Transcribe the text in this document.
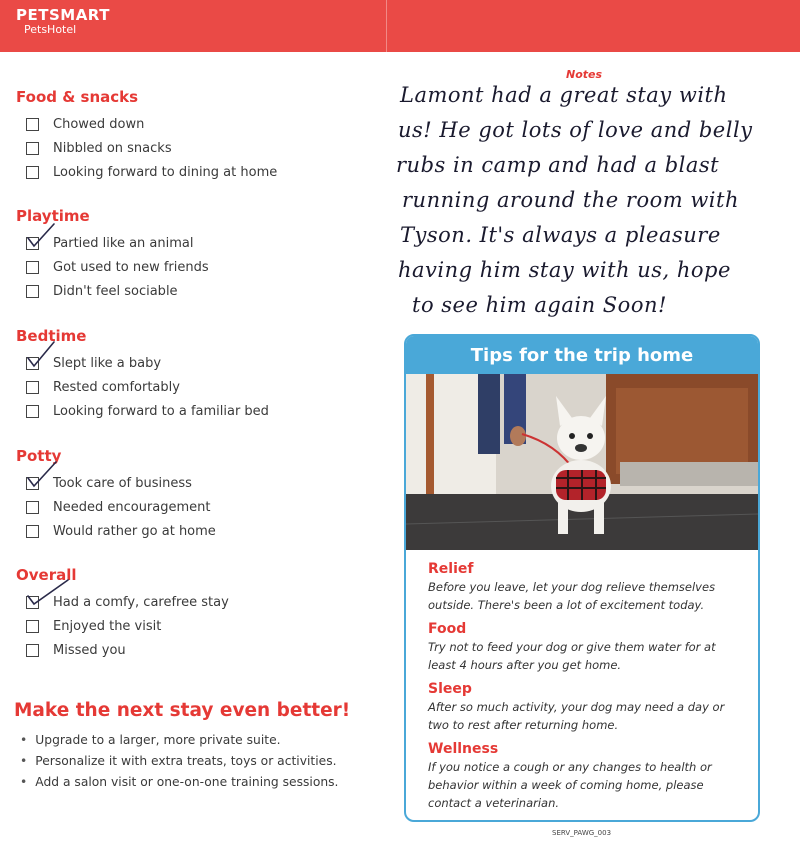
PETSMART
PetsHotel
Food & snacks
Chowed down
Nibbled on snacks
Looking forward to dining at home
Playtime
Partied like an animal
Got used to new friends
Didn't feel sociable
Bedtime
Slept like a baby
Rested comfortably
Looking forward to a familiar bed
Potty
Took care of business
Needed encouragement
Would rather go at home
Overall
Had a comfy, carefree stay
Enjoyed the visit
Missed you
Make the next stay even better!
• Upgrade to a larger, more private suite.
• Personalize it with extra treats, toys or activities.
• Add a salon visit or one-on-one training sessions.
Notes
Lamont had a great stay with
us! He got lots of love and belly
rubs in camp and had a blast
running around the room with
Tyson. It's always a pleasure
having him stay with us, hope
to see him again Soon!
Tips for the trip home
Relief
Before you leave, let your dog relieve themselves outside. There's been a lot of excitement today.
Food
Try not to feed your dog or give them water for at least 4 hours after you get home.
Sleep
After so much activity, your dog may need a day or two to rest after returning home.
Wellness
If you notice a cough or any changes to health or behavior within a week of coming home, please contact a veterinarian.
SERV_PAWG_003
